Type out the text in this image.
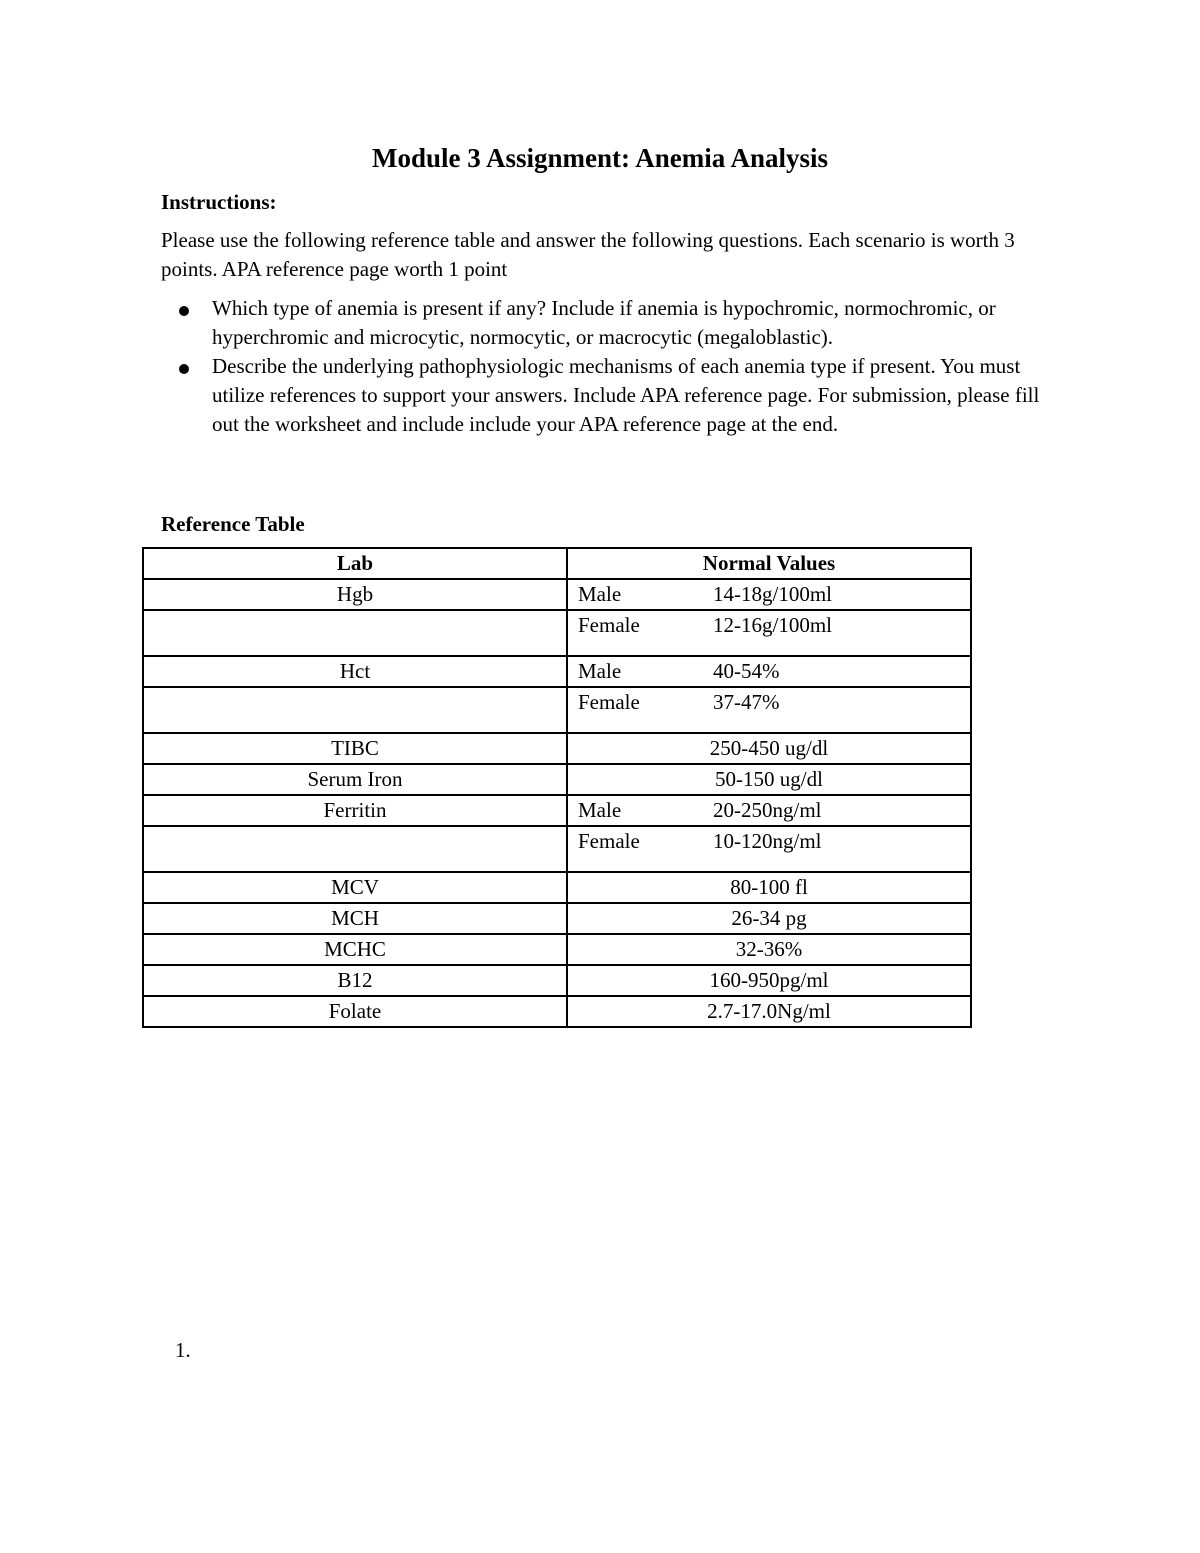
Module 3 Assignment: Anemia Analysis
Instructions:

Please use the following reference table and answer the following questions. Each scenario is worth 3 points. APA reference page worth 1 point

Which type of anemia is present if any? Include if anemia is hypochromic, normochromic, or hyperchromic and microcytic, normocytic, or macrocytic (megaloblastic).
Describe the underlying pathophysiologic mechanisms of each anemia type if present. You must utilize references to support your answers. Include APA reference page. For submission, please fill out the worksheet and include include your APA reference page at the end.
Reference Table
Lab	Normal Values
Hgb	Male 14-18g/100ml
	Female 12-16g/100ml
Hct	Male 40-54%
	Female 37-47%
TIBC	250-450 ug/dl
Serum Iron	50-150 ug/dl
Ferritin	Male 20-250ng/ml
	Female 10-120ng/ml
MCV	80-100 fl
MCH	26-34 pg
MCHC	32-36%
B12	160-950pg/ml
Folate	2.7-17.0Ng/ml
1.
